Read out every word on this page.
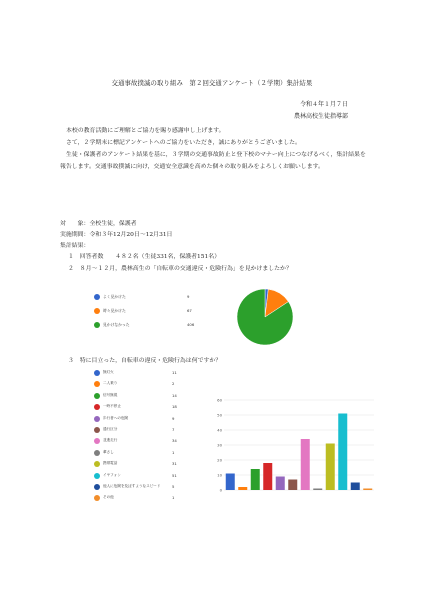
交通事故撲滅の取り組み　第２回交通アンケート（２学期）集計結果
令和４年１月７日
農林高校生徒指導部
本校の教育活動にご理解とご協力を賜り感謝申し上げます。
さて，２学期末に標記アンケートへのご協力をいただき，誠にありがとうございました。
生徒・保護者のアンケート結果を基に，３学期の交通事故防止と登下校のマナー向上につなげるべく，集計結果を報告します。交通事故撲滅に向け，交通安全意識を高めた個々の取り組みをよろしくお願いします。
対　　象：全校生徒，保護者
実施期間：令和３年12月20日〜12月31日
集計結果：
１　回答者数　　４８２名（生徒331名，保護者151名）
２　８月〜１２月，農林高生の「自転車の交通違反・危険行為」を見かけましたか？
よく見かけた	9
時々見かけた	67
見かけなかった	406
３　特に目立った，自転車の違反・危険行為は何ですか？
無灯火	11
二人乗り	2
信号無視	14
一時不停止	18
歩行者への危険	9
通行区分	7
並進走行	34
傘さし	1
携帯電話	31
イヤフォン	51
他人に危険を及ぼすようなスピード	5
その他	1
0
10
20
30
40
50
60
